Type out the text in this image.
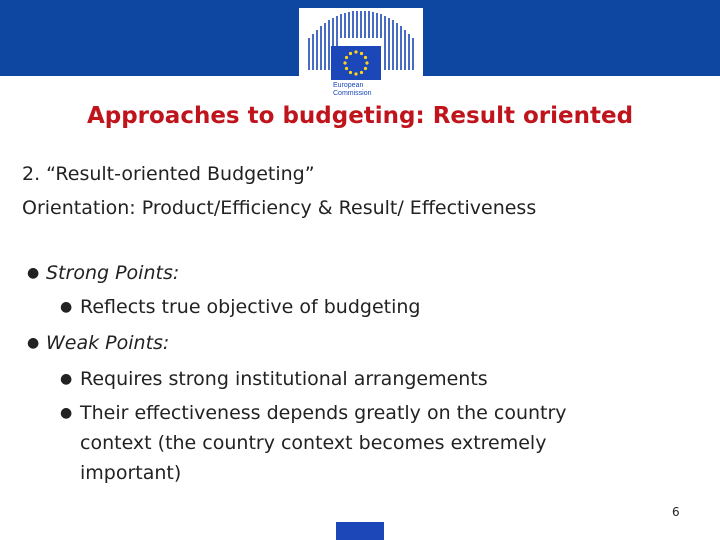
European
Commission
Approaches to budgeting: Result oriented
2. “Result-oriented Budgeting”
Orientation: Product/Efficiency & Result/ Effectiveness
● Strong Points:
● Reflects true objective of budgeting
● Weak Points:
● Requires strong institutional arrangements
● Their effectiveness depends greatly on the country
context (the country context becomes extremely
important)
6
